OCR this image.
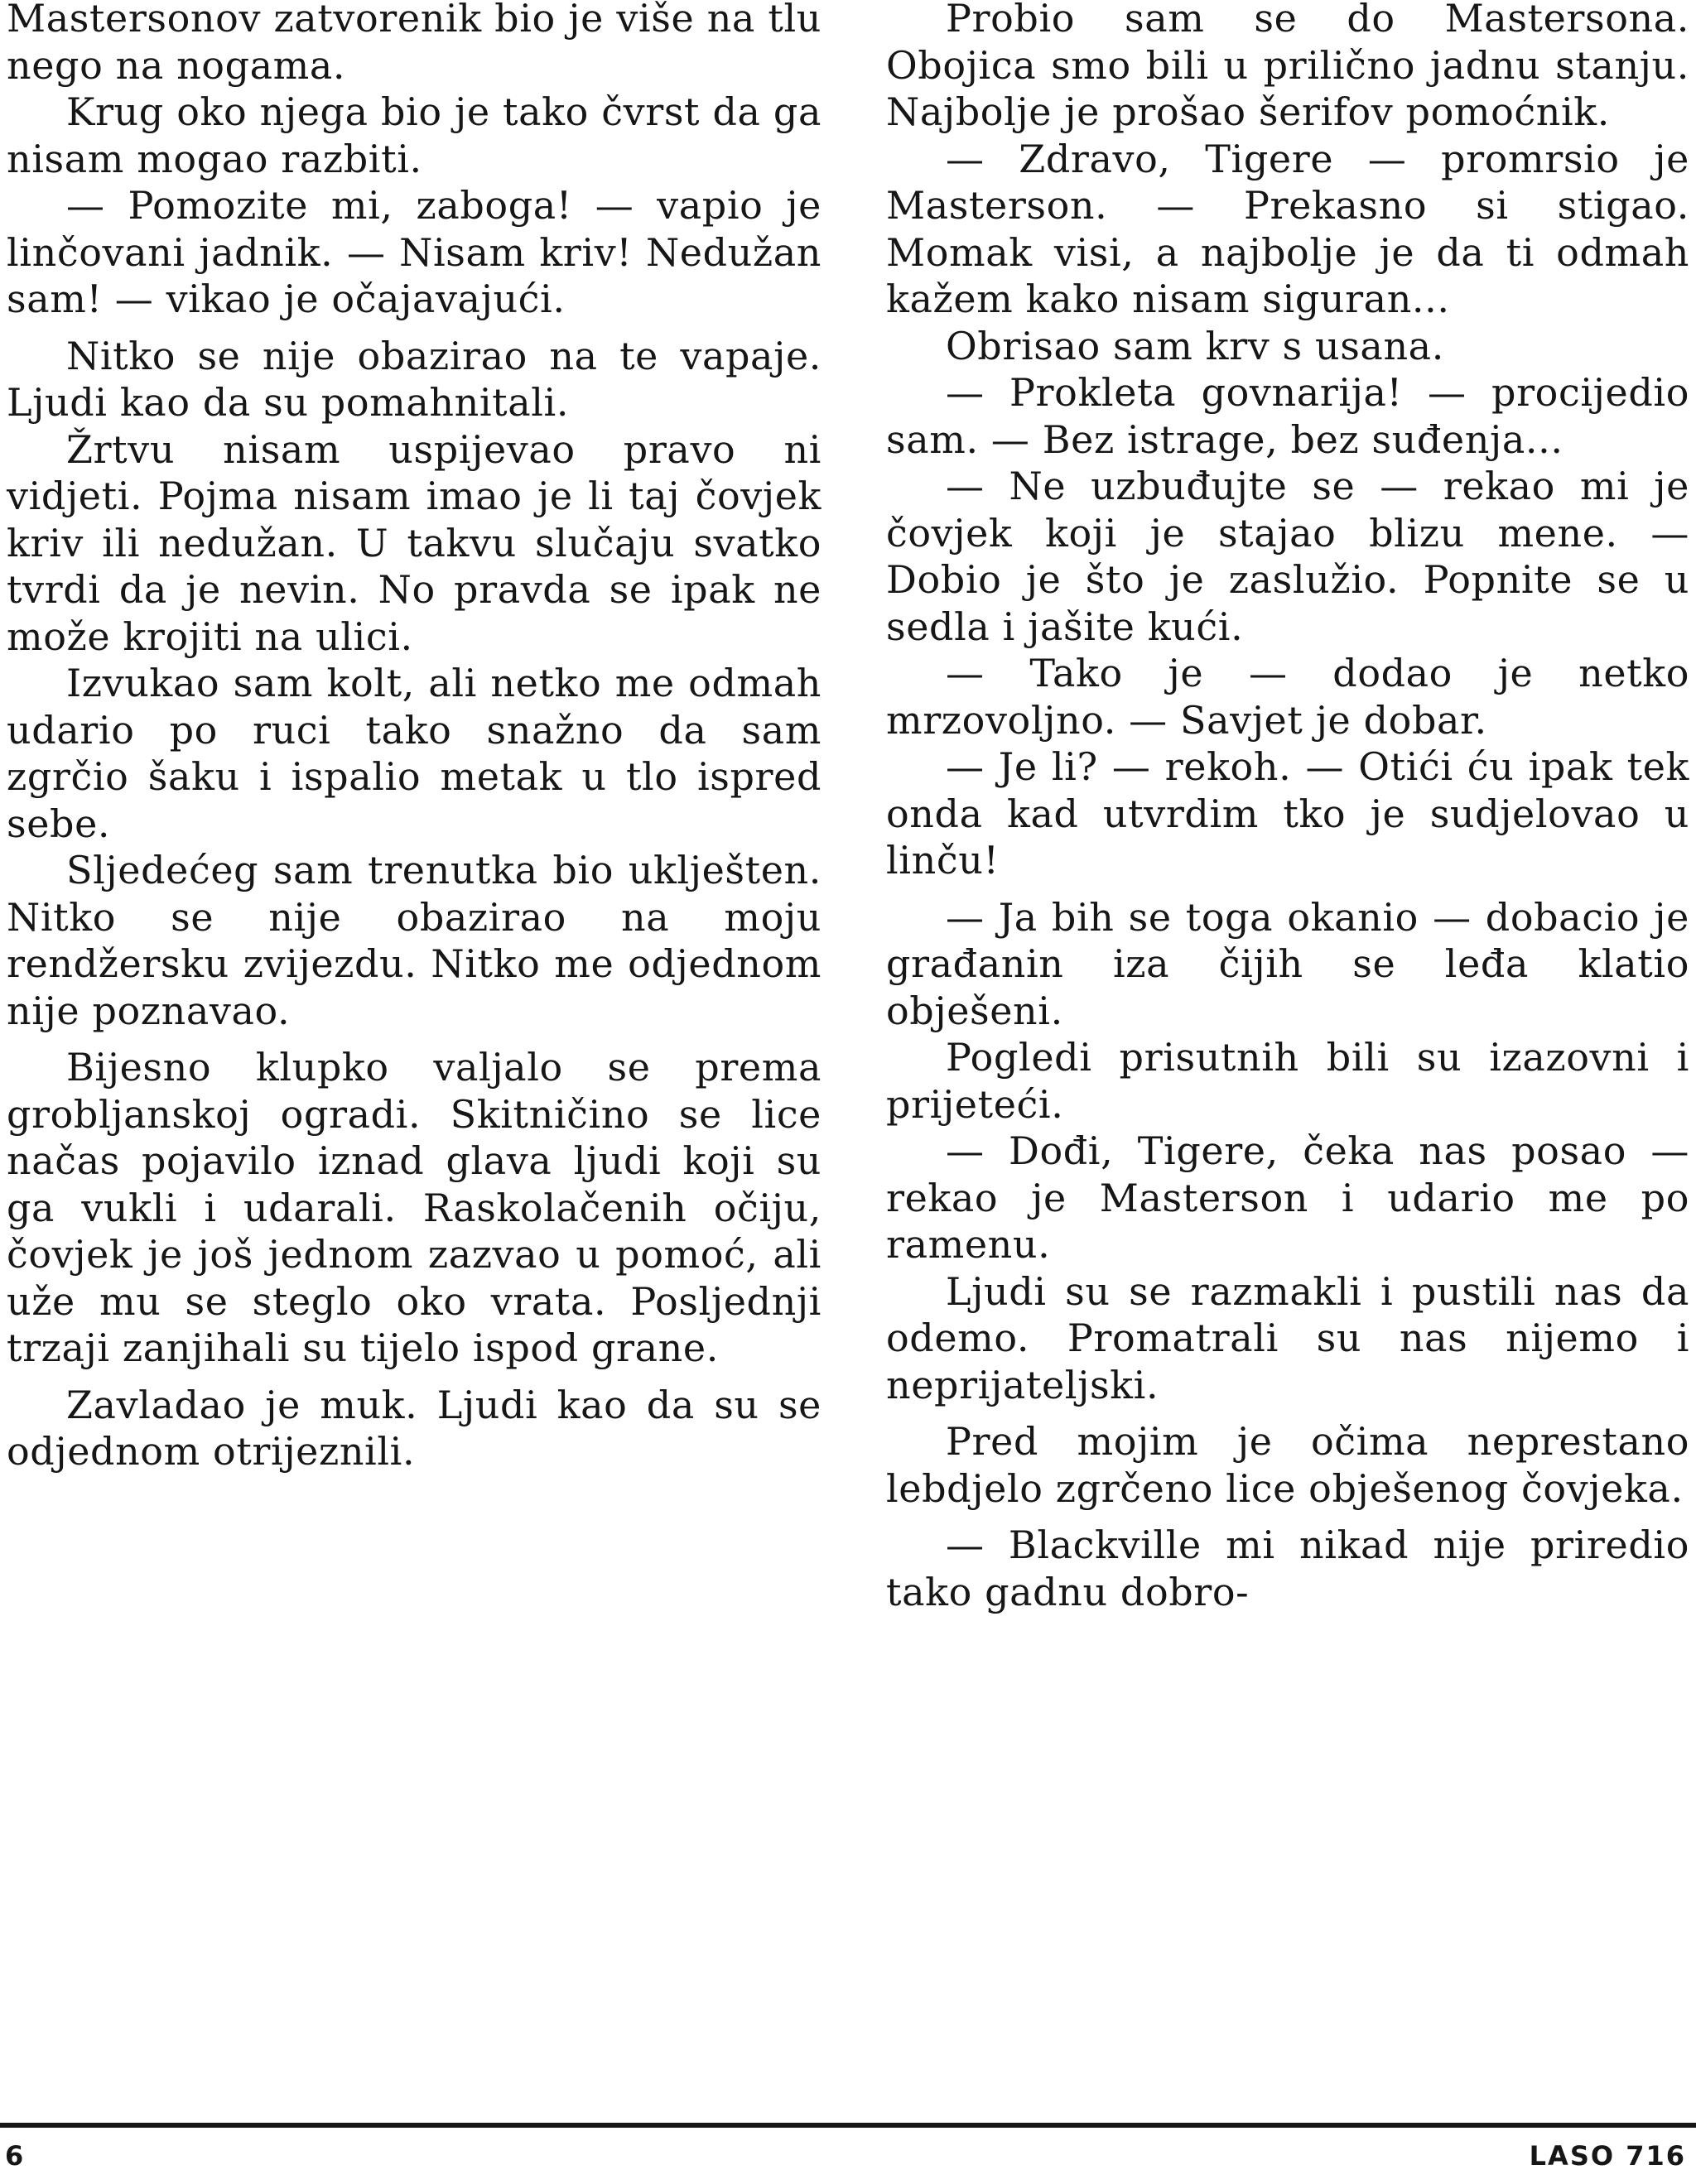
Mastersonov zatvorenik bio je više na tlu nego na nogama.

Krug oko njega bio je tako čvrst da ga nisam mogao razbiti.

— Pomozite mi, zaboga! — vapio je linčovani jadnik. — Nisam kriv! Nedužan sam! — vikao je očajavajući.

Nitko se nije obazirao na te vapaje. Ljudi kao da su pomahnitali.

Žrtvu nisam uspijevao pravo ni vidjeti. Pojma nisam imao je li taj čovjek kriv ili nedužan. U takvu slučaju svatko tvrdi da je nevin. No pravda se ipak ne može krojiti na ulici.

Izvukao sam kolt, ali netko me odmah udario po ruci tako snažno da sam zgrčio šaku i ispalio metak u tlo ispred sebe.

Sljedećeg sam trenutka bio uklješten. Nitko se nije obazirao na moju rendžersku zvijezdu. Nitko me odjednom nije poznavao.

Bijesno klupko valjalo se prema grobljanskoj ogradi. Skitničino se lice načas pojavilo iznad glava ljudi koji su ga vukli i udarali. Raskolačenih očiju, čovjek je još jednom zazvao u pomoć, ali uže mu se steglo oko vrata. Posljednji trzaji zanjihali su tijelo ispod grane.

Zavladao je muk. Ljudi kao da su se odjednom otrijeznili.

Probio sam se do Mastersona. Obojica smo bili u prilično jadnu stanju. Najbolje je prošao šerifov pomoćnik.

— Zdravo, Tigere — promrsio je Masterson. — Prekasno si stigao. Momak visi, a najbolje je da ti odmah kažem kako nisam siguran...

Obrisao sam krv s usana.

— Prokleta govnarija! — procijedio sam. — Bez istrage, bez suđenja...

— Ne uzbuđujte se — rekao mi je čovjek koji je stajao blizu mene. — Dobio je što je zaslužio. Popnite se u sedla i jašite kući.

— Tako je — dodao je netko mrzovoljno. — Savjet je dobar.

— Je li? — rekoh. — Otići ću ipak tek onda kad utvrdim tko je sudjelovao u linču!

— Ja bih se toga okanio — dobacio je građanin iza čijih se leđa klatio obješeni.

Pogledi prisutnih bili su izazovni i prijeteći.

— Dođi, Tigere, čeka nas posao — rekao je Masterson i udario me po ramenu.

Ljudi su se razmakli i pustili nas da odemo. Promatrali su nas nijemo i neprijateljski.

Pred mojim je očima neprestano lebdjelo zgrčeno lice obješenog čovjeka.

— Blackville mi nikad nije priredio tako gadnu dobro-

6	LASO 716
